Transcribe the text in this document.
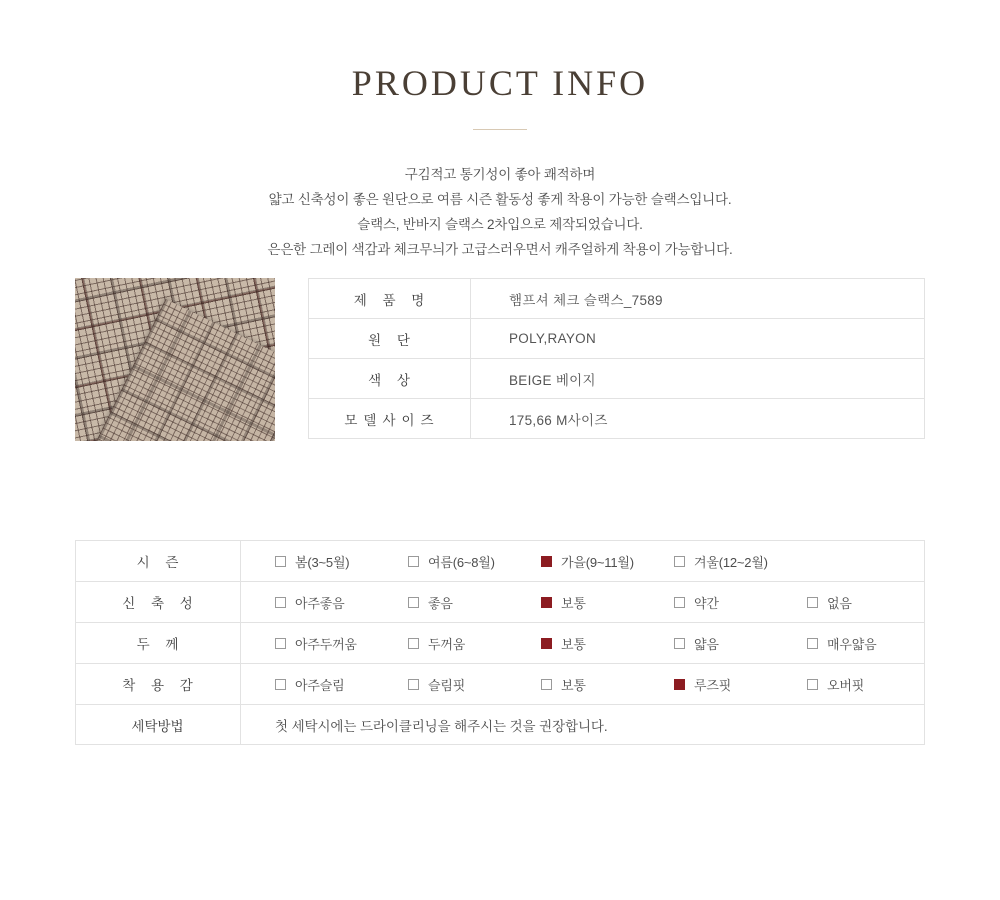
PRODUCT INFO
구김적고 통기성이 좋아 쾌적하며
얇고 신축성이 좋은 원단으로 여름 시즌 활동성 좋게 착용이 가능한 슬랙스입니다.
슬랙스, 반바지 슬랙스 2차입으로 제작되었습니다.
은은한 그레이 색감과 체크무늬가 고급스러우면서 캐주얼하게 착용이 가능합니다.
제 품 명	햄프셔 체크 슬랙스_7589
원 단	POLY,RAYON
색 상	BEIGE 베이지
모델사이즈	175,66 M사이즈
시 즌	봄(3~5월) 여름(6~8월) 가을(9~11월) 겨울(12~2월)

신 축 성	아주좋음 좋음 보통 약간 없음

두 께	아주두꺼움 두꺼움 보통 얇음 매우얇음

착 용 감	아주슬림 슬림핏 보통 루즈핏 오버핏

세탁방법	첫 세탁시에는 드라이클리닝을 해주시는 것을 권장합니다.
